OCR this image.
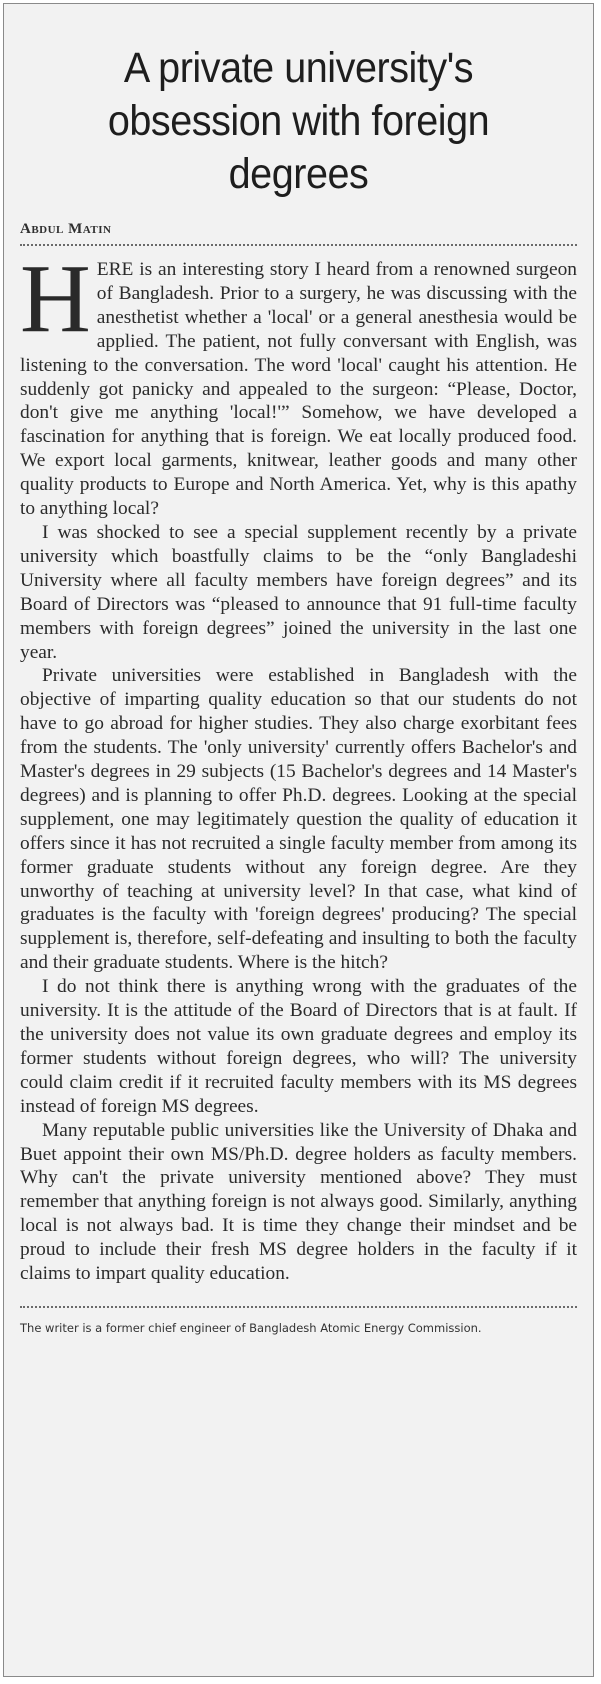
A private university's obsession with foreign degrees
Abdul Matin

HERE is an interesting story I heard from a renowned surgeon of Bangladesh. Prior to a surgery, he was discussing with the anesthetist whether a 'local' or a general anesthesia would be applied. The patient, not fully conversant with English, was listening to the conversation. The word 'local' caught his attention. He suddenly got panicky and appealed to the surgeon: “Please, Doctor, don't give me anything 'local!'” Somehow, we have developed a fascination for anything that is foreign. We eat locally produced food. We export local garments, knitwear, leather goods and many other quality products to Europe and North America. Yet, why is this apathy to anything local?

I was shocked to see a special supplement recently by a private university which boastfully claims to be the “only Bangladeshi University where all faculty members have foreign degrees” and its Board of Directors was “pleased to announce that 91 full-time faculty members with foreign degrees” joined the university in the last one year.

Private universities were established in Bangladesh with the objective of imparting quality education so that our students do not have to go abroad for higher studies. They also charge exorbitant fees from the students. The 'only university' currently offers Bachelor's and Master's degrees in 29 subjects (15 Bachelor's degrees and 14 Master's degrees) and is planning to offer Ph.D. degrees. Looking at the special supplement, one may legitimately question the quality of education it offers since it has not recruited a single faculty member from among its former graduate students without any foreign degree. Are they unworthy of teaching at university level? In that case, what kind of graduates is the faculty with 'foreign degrees' producing? The special supplement is, therefore, self-defeating and insulting to both the faculty and their graduate students. Where is the hitch?

I do not think there is anything wrong with the graduates of the university. It is the attitude of the Board of Directors that is at fault. If the university does not value its own graduate degrees and employ its former students without foreign degrees, who will? The university could claim credit if it recruited faculty members with its MS degrees instead of foreign MS degrees.

Many reputable public universities like the University of Dhaka and Buet appoint their own MS/Ph.D. degree holders as faculty members. Why can't the private university mentioned above? They must remember that anything foreign is not always good. Similarly, anything local is not always bad. It is time they change their mindset and be proud to include their fresh MS degree holders in the faculty if it claims to impart quality education.

The writer is a former chief engineer of Bangladesh Atomic Energy Commission.
